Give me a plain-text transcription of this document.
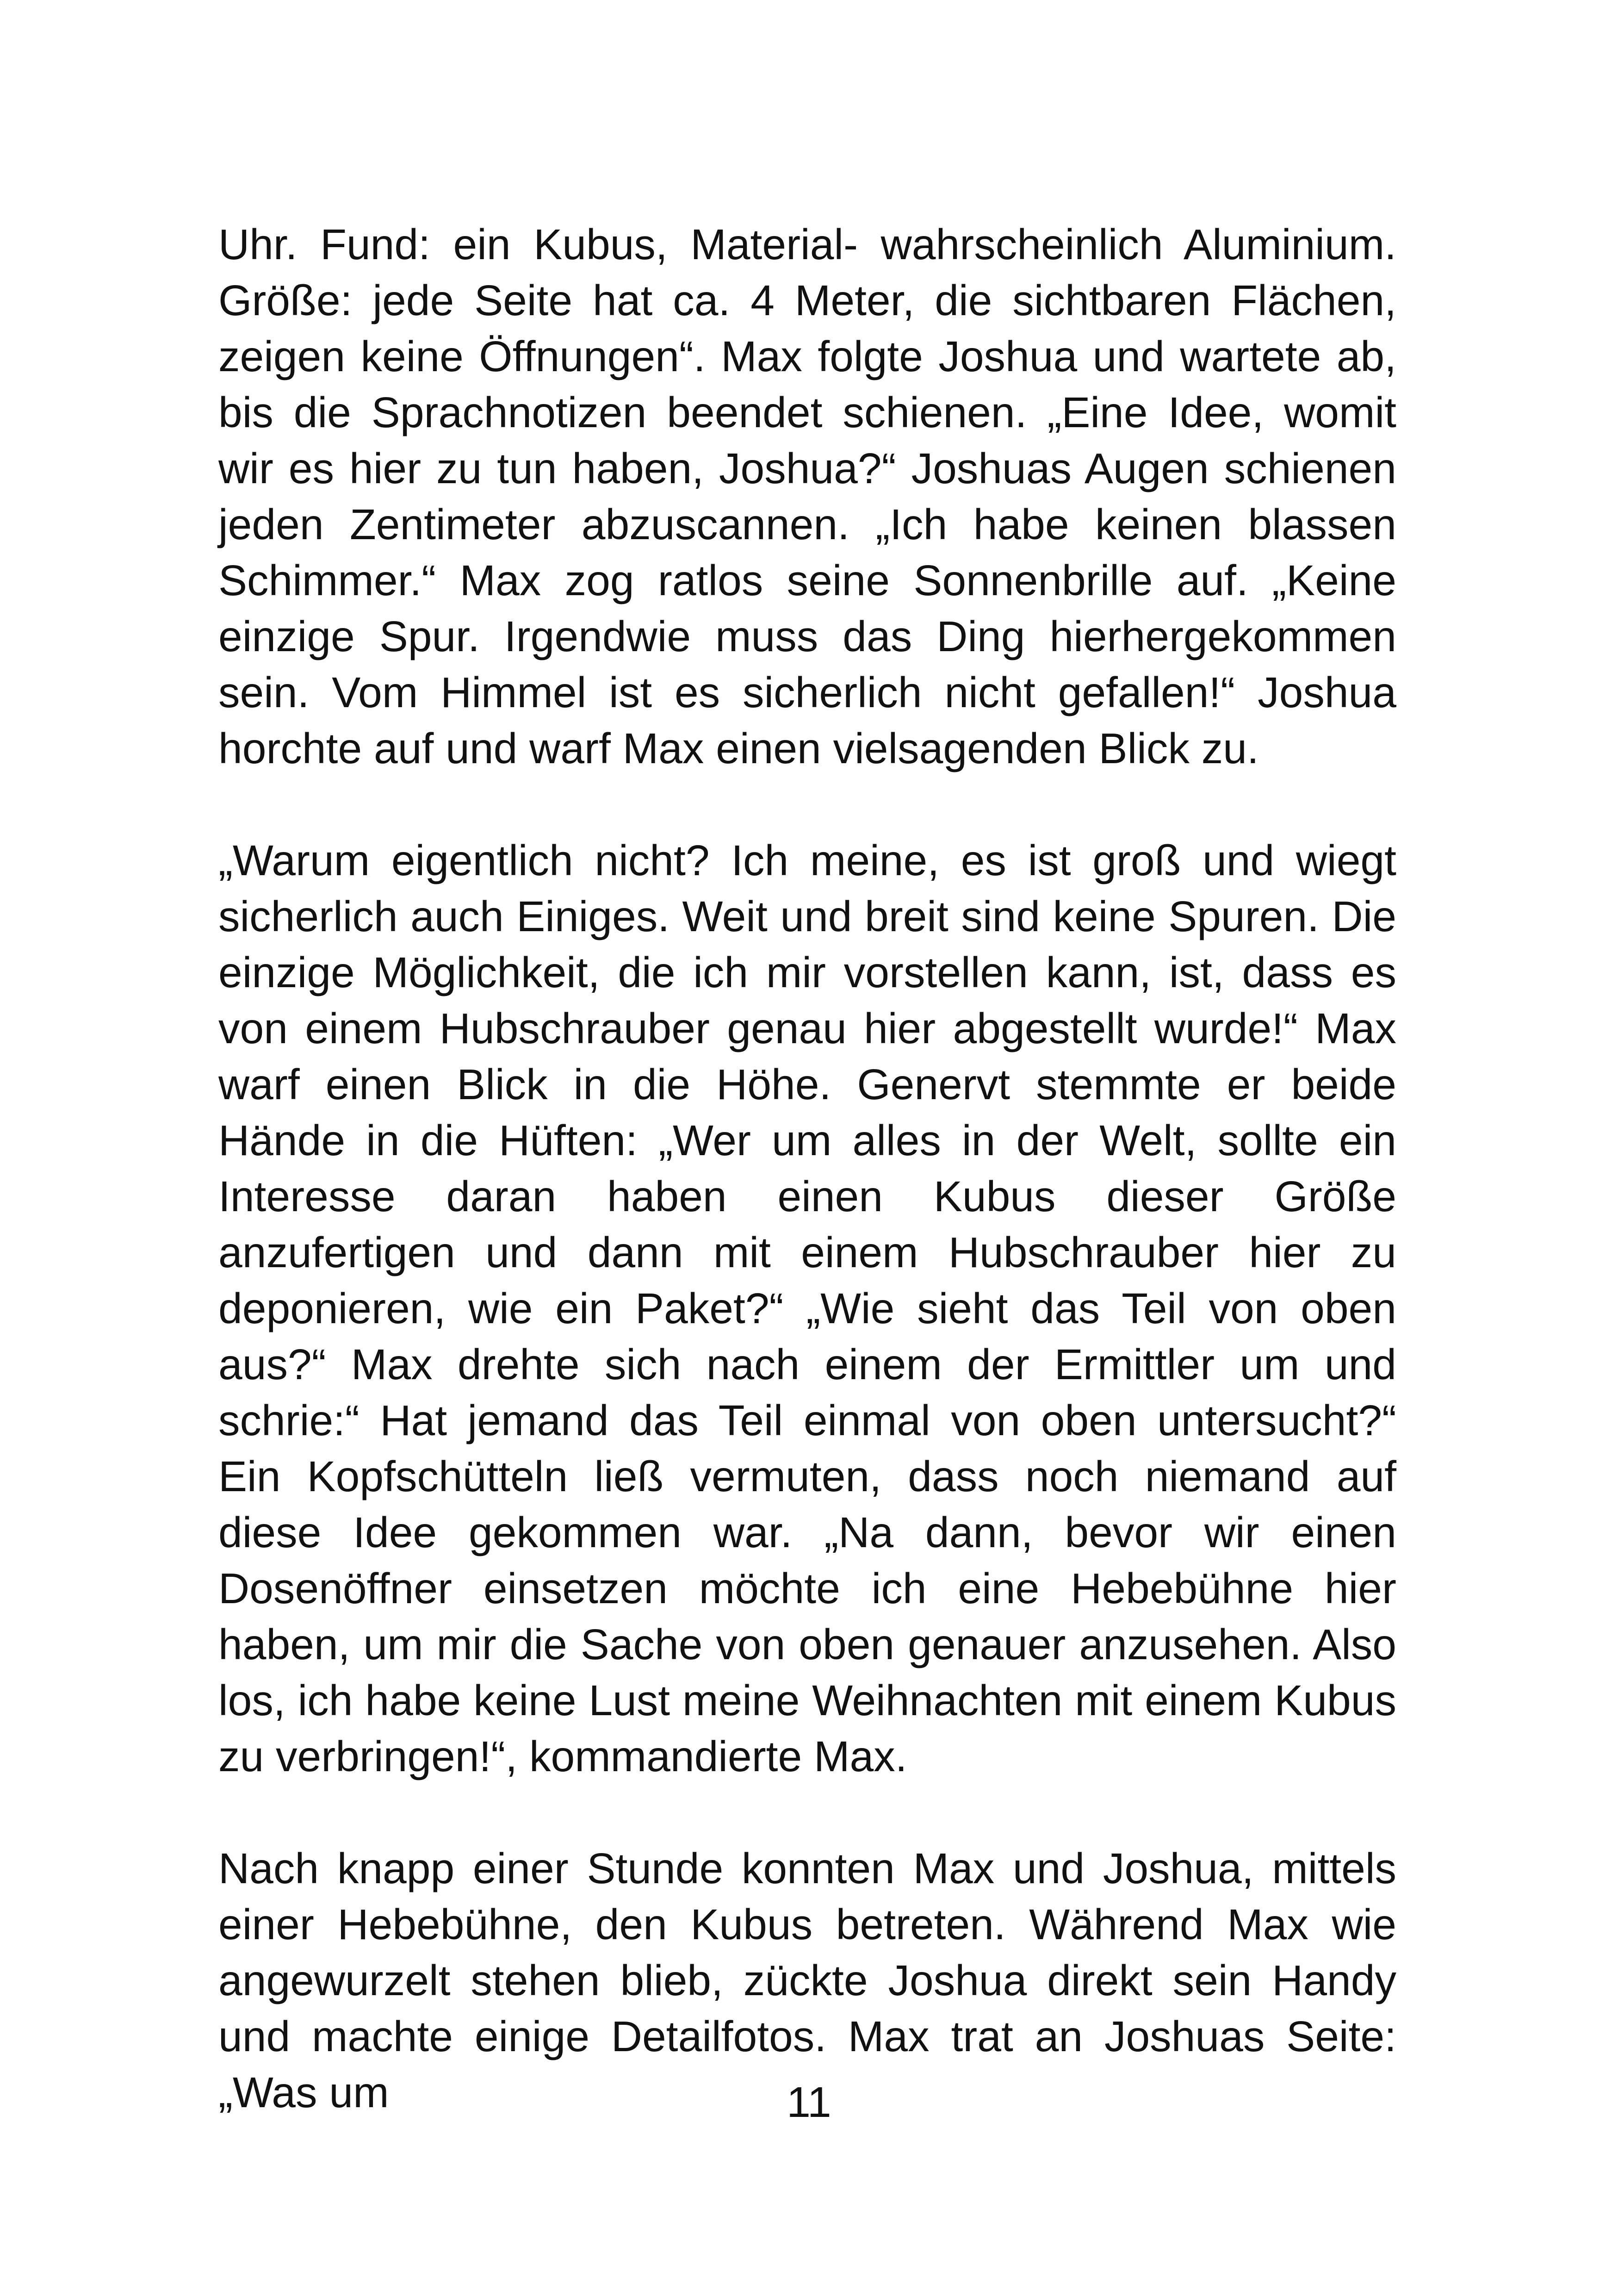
Uhr. Fund: ein Kubus, Material- wahrscheinlich Aluminium. Größe: jede Seite hat ca. 4 Meter, die sichtbaren Flächen, zeigen keine Öffnungen“. Max folgte Joshua und wartete ab, bis die Sprachnotizen beendet schienen. „Eine Idee, womit wir es hier zu tun haben, Joshua?“ Joshuas Augen schienen jeden Zentimeter abzuscannen. „Ich habe keinen blassen Schimmer.“ Max zog ratlos seine Sonnenbrille auf. „Keine einzige Spur. Irgendwie muss das Ding hierhergekommen sein. Vom Himmel ist es sicherlich nicht gefallen!“ Joshua horchte auf und warf Max einen vielsagenden Blick zu.

„Warum eigentlich nicht? Ich meine, es ist groß und wiegt sicherlich auch Einiges. Weit und breit sind keine Spuren. Die einzige Möglichkeit, die ich mir vorstellen kann, ist, dass es von einem Hubschrauber genau hier abgestellt wurde!“ Max warf einen Blick in die Höhe. Genervt stemmte er beide Hände in die Hüften: „Wer um alles in der Welt, sollte ein Interesse daran haben einen Kubus dieser Größe anzufertigen und dann mit einem Hubschrauber hier zu deponieren, wie ein Paket?“ „Wie sieht das Teil von oben aus?“ Max drehte sich nach einem der Ermittler um und schrie:“ Hat jemand das Teil einmal von oben untersucht?“ Ein Kopfschütteln ließ vermuten, dass noch niemand auf diese Idee gekommen war. „Na dann, bevor wir einen Dosenöffner einsetzen möchte ich eine Hebebühne hier haben, um mir die Sache von oben genauer anzusehen. Also los, ich habe keine Lust meine Weihnachten mit einem Kubus zu verbringen!“, kommandierte Max.

Nach knapp einer Stunde konnten Max und Joshua, mittels einer Hebebühne, den Kubus betreten. Während Max wie angewurzelt stehen blieb, zückte Joshua direkt sein Handy und machte einige Detailfotos. Max trat an Joshuas Seite: „Was um	11
